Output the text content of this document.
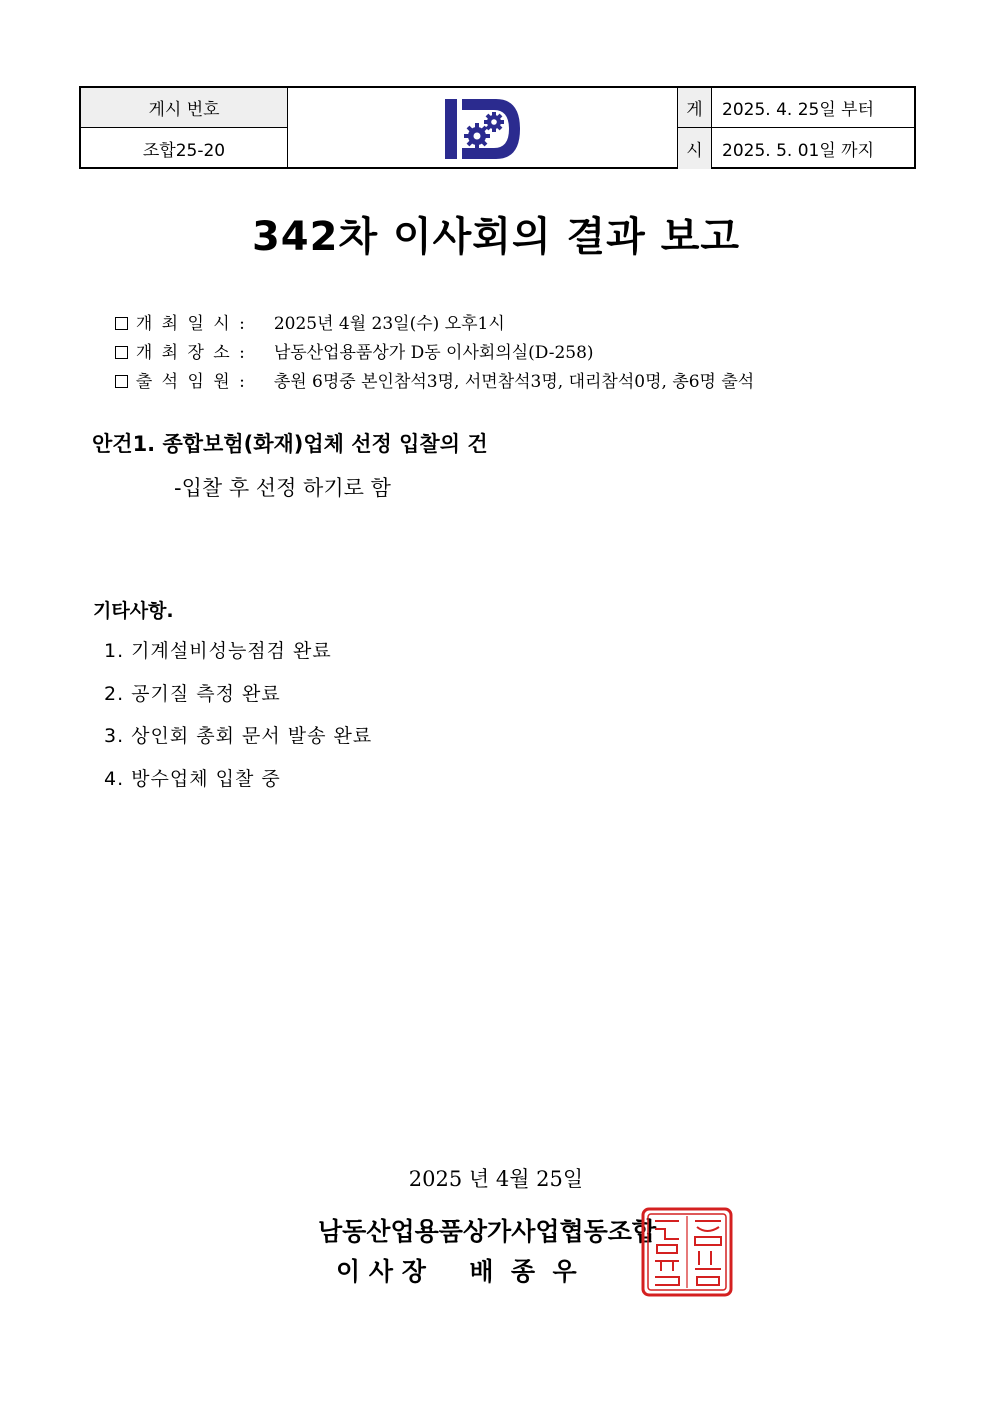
게시 번호
조합25-20
게
시
2025. 4. 25일 부터
2025. 5. 01일 까지
342차 이사회의 결과 보고

개 최 일 시 : 2025년 4월 23일(수) 오후1시

개 최 장 소 : 남동산업용품상가 D동 이사회의실(D-258)

출 석 임 원 : 총원 6명중 본인참석3명, 서면참석3명, 대리참석0명, 총6명 출석

안건1. 종합보험(화재)업체 선정 입찰의 건
-입찰 후 선정 하기로 함
기타사항.
1. 기계설비성능점검 완료
2. 공기질 측정 완료
3. 상인회 총회 문서 발송 완료
4. 방수업체 입찰 중
2025 년 4월 25일
남동산업용품상가사업협동조합
이 사 장     배  종  우
